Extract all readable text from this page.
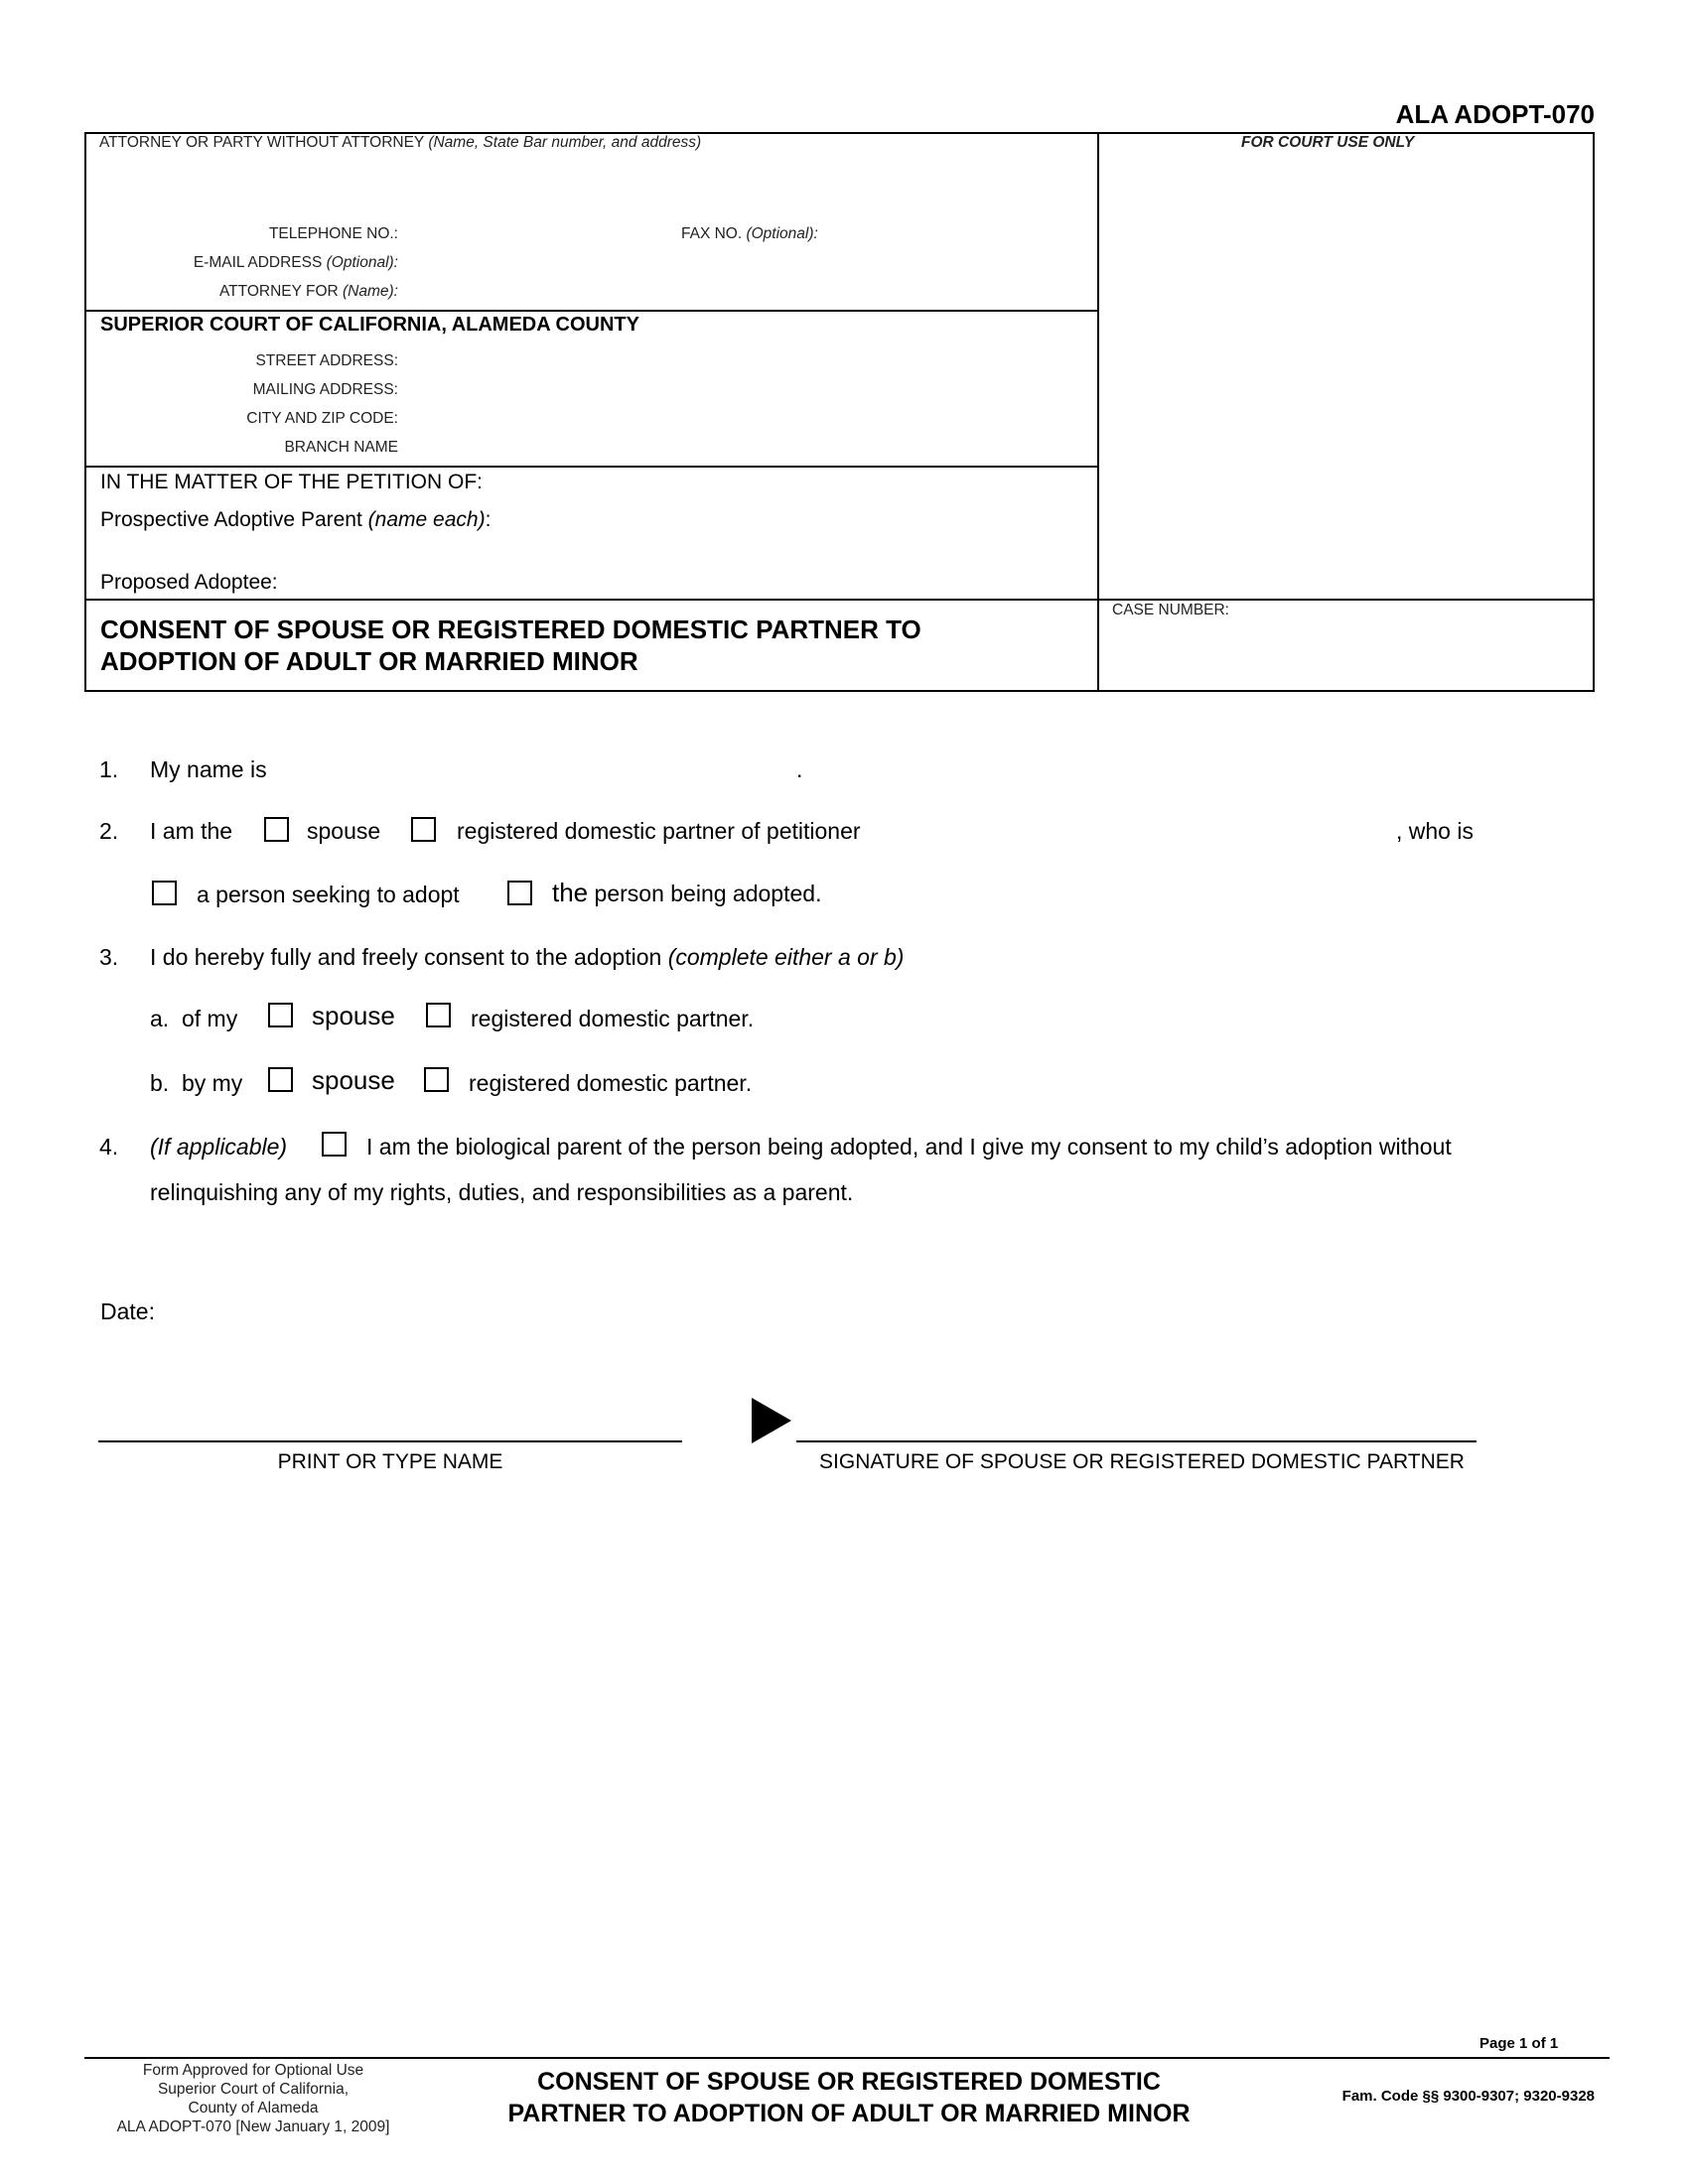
ALA ADOPT-070
ATTORNEY OR PARTY WITHOUT ATTORNEY (Name, State Bar number, and address)	FOR COURT USE ONLY
TELEPHONE NO.:	FAX NO. (Optional):
E-MAIL ADDRESS (Optional):
ATTORNEY FOR (Name):
SUPERIOR COURT OF CALIFORNIA, ALAMEDA COUNTY
STREET ADDRESS:
MAILING ADDRESS:
CITY AND ZIP CODE:
BRANCH NAME
IN THE MATTER OF THE PETITION OF:
Prospective Adoptive Parent (name each):
Proposed Adoptee:
CONSENT OF SPOUSE OR REGISTERED DOMESTIC PARTNER TO
ADOPTION OF ADULT OR MARRIED MINOR
CASE NUMBER:
1. My name is	.
2. I am the	spouse	registered domestic partner of petitioner	, who is
a person seeking to adopt	the person being adopted.
3. I do hereby fully and freely consent to the adoption (complete either a or b)
a.  of my	spouse	registered domestic partner.
b.  by my	spouse	registered domestic partner.
4. (If applicable)	I am the biological parent of the person being adopted, and I give my consent to my child’s adoption without
relinquishing any of my rights, duties, and responsibilities as a parent.
Date:
PRINT OR TYPE NAME	SIGNATURE OF SPOUSE OR REGISTERED DOMESTIC PARTNER
Page 1 of 1
Form Approved for Optional Use
Superior Court of California,
County of Alameda
ALA ADOPT-070 [New January 1, 2009]
CONSENT OF SPOUSE OR REGISTERED DOMESTIC
PARTNER TO ADOPTION OF ADULT OR MARRIED MINOR
Fam. Code §§ 9300-9307; 9320-9328
